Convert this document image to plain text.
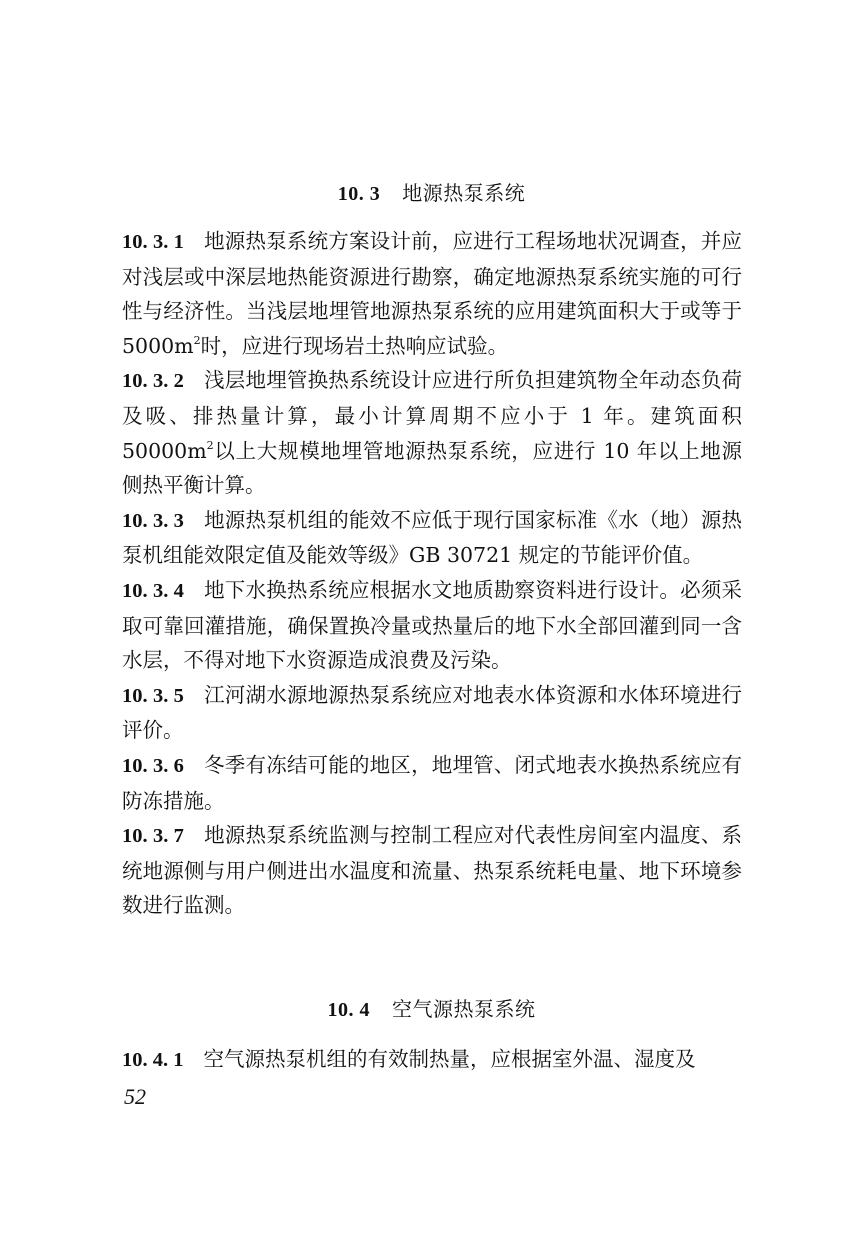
10. 3 地源热泵系统

10. 3. 1 地源热泵系统方案设计前，应进行工程场地状况调查，并应对浅层或中深层地热能资源进行勘察，确定地源热泵系统实施的可行性与经济性。当浅层地埋管地源热泵系统的应用建筑面积大于或等于$5000m^2$时，应进行现场岩土热响应试验。

10. 3. 2 浅层地埋管换热系统设计应进行所负担建筑物全年动态负荷及吸、排热量计算，最小计算周期不应小于 1 年。建筑面积 $50000m^2$以上大规模地埋管地源热泵系统，应进行 10 年以上地源侧热平衡计算。

10. 3. 3 地源热泵机组的能效不应低于现行国家标准《水（地）源热泵机组能效限定值及能效等级》GB 30721 规定的节能评价值。

10. 3. 4 地下水换热系统应根据水文地质勘察资料进行设计。必须采取可靠回灌措施，确保置换冷量或热量后的地下水全部回灌到同一含水层，不得对地下水资源造成浪费及污染。

10. 3. 5 江河湖水源地源热泵系统应对地表水体资源和水体环境进行评价。

10. 3. 6 冬季有冻结可能的地区，地埋管、闭式地表水换热系统应有防冻措施。

10. 3. 7 地源热泵系统监测与控制工程应对代表性房间室内温度、系统地源侧与用户侧进出水温度和流量、热泵系统耗电量、地下环境参数进行监测。

10. 4 空气源热泵系统

10. 4. 1 空气源热泵机组的有效制热量，应根据室外温、湿度及

52
